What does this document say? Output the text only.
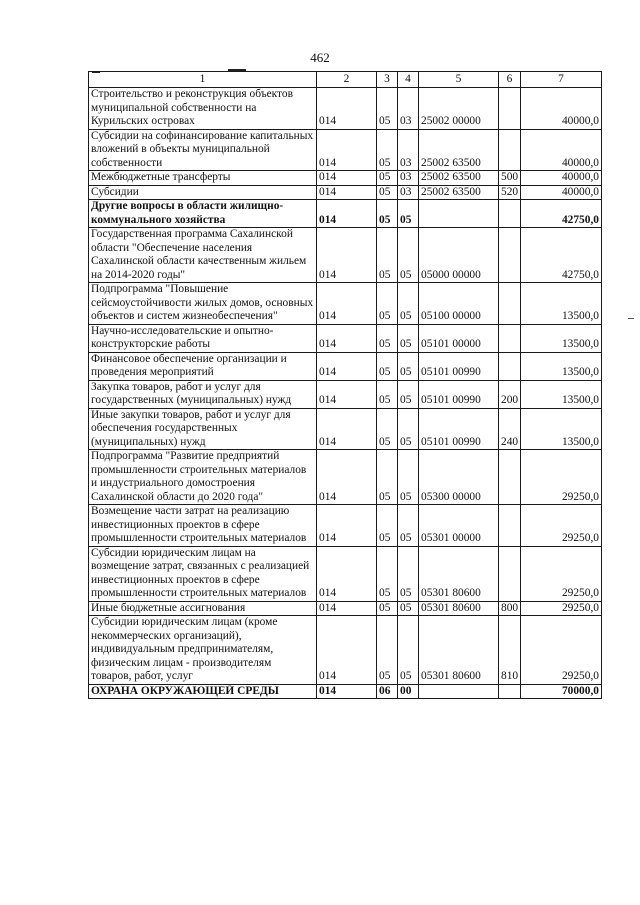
462
1	2	3	4	5	6	7
Строительство и реконструкция объектов муниципальной собственности на Курильских островах	014	05	03	25002 00000		40000,0
Субсидии на софинансирование капитальных вложений в объекты муниципальной собственности	014	05	03	25002 63500		40000,0
Межбюджетные трансферты	014	05	03	25002 63500	500	40000,0
Субсидии	014	05	03	25002 63500	520	40000,0
Другие вопросы в области жилищно-коммунального хозяйства	014	05	05			42750,0
Государственная программа Сахалинской области "Обеспечение населения Сахалинской области качественным жильем на 2014-2020 годы"	014	05	05	05000 00000		42750,0
Подпрограмма "Повышение сейсмоустойчивости жилых домов, основных объектов и систем жизнеобеспечения"	014	05	05	05100 00000		13500,0
Научно-исследовательские и опытно-конструкторские работы	014	05	05	05101 00000		13500,0
Финансовое обеспечение организации и проведения мероприятий	014	05	05	05101 00990		13500,0
Закупка товаров, работ и услуг для государственных (муниципальных) нужд	014	05	05	05101 00990	200	13500,0
Иные закупки товаров, работ и услуг для обеспечения государственных (муниципальных) нужд	014	05	05	05101 00990	240	13500,0
Подпрограмма "Развитие предприятий промышленности строительных материалов и индустриального домостроения Сахалинской области до 2020 года"	014	05	05	05300 00000		29250,0
Возмещение части затрат на реализацию инвестиционных проектов в сфере промышленности строительных материалов	014	05	05	05301 00000		29250,0
Субсидии юридическим лицам на возмещение затрат, связанных с реализацией инвестиционных проектов в сфере промышленности строительных материалов	014	05	05	05301 80600		29250,0
Иные бюджетные ассигнования	014	05	05	05301 80600	800	29250,0
Субсидии юридическим лицам (кроме некоммерческих организаций), индивидуальным предпринимателям, физическим лицам - производителям товаров, работ, услуг	014	05	05	05301 80600	810	29250,0
ОХРАНА ОКРУЖАЮЩЕЙ СРЕДЫ	014	06	00			70000,0
